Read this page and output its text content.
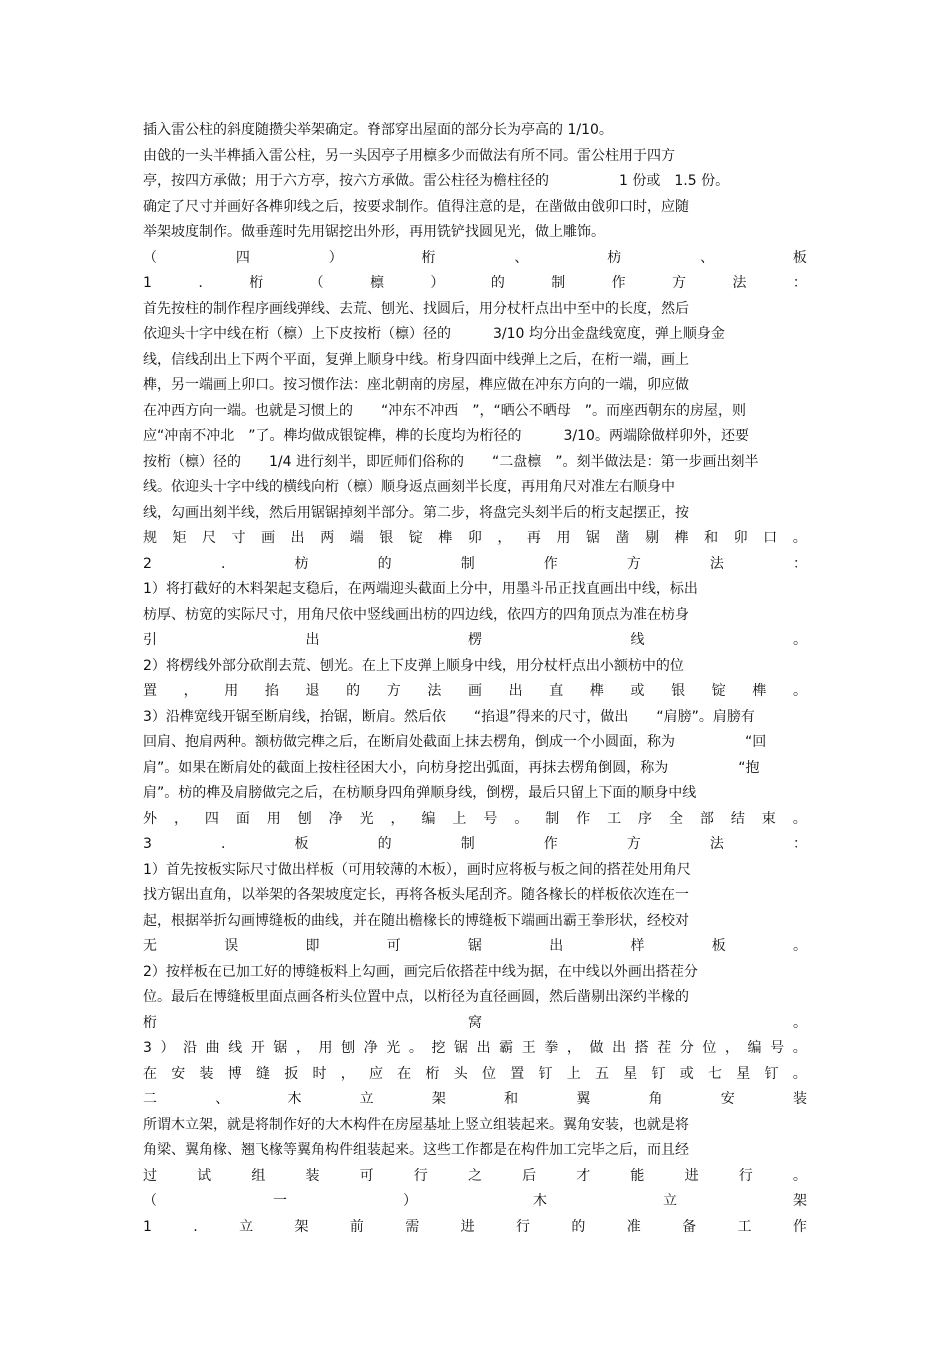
插入雷公柱的斜度随攒尖举架确定。脊部穿出屋面的部分长为亭高的 1/10。
由戗的一头半榫插入雷公柱，另一头因亭子用檩多少而做法有所不同。雷公柱用于四方
亭，按四方承做；用于六方亭，按六方承做。雷公柱径为檐柱径的　　　　　1 份或　1.5 份。
确定了尺寸并画好各榫卯线之后，按要求制作。值得注意的是，在凿做由戗卯口时，应随
举架坡度制作。做垂莲时先用锯挖出外形，再用铣铲找圆见光，做上雕饰。
（	四	）	桁	、	枋	、	板
1	.	桁	（	檩	）	的	制	作	方	法	：
首先按柱的制作程序画线弹线、去荒、刨光、找圆后，用分杖杆点出中至中的长度，然后
依迎头十字中线在桁（檩）上下皮按桁（檩）径的　　　3/10 均分出金盘线宽度，弹上顺身金
线，信线刮出上下两个平面，复弹上顺身中线。桁身四面中线弹上之后，在桁一端，画上
榫，另一端画上卯口。按习惯作法：座北朝南的房屋，榫应做在冲东方向的一端，卯应做
在冲西方向一端。也就是习惯上的　　“冲东不冲西　”，“晒公不晒母　”。而座西朝东的房屋，则
应“冲南不冲北　”了。榫均做成银锭榫，榫的长度均为桁径的　　　3/10。两端除做样卯外，还要
按桁（檩）径的　　1/4 进行刻半，即匠师们俗称的　　“二盘檩　”。刻半做法是：第一步画出刻半
线。依迎头十字中线的横线向桁（檩）顺身返点画刻半长度，再用角尺对准左右顺身中
线，勾画出刻半线，然后用锯锯掉刻半部分。第二步，将盘完头刻半后的桁支起摆正，按
规 矩 尺 寸 画 出 两 端 银 锭 榫 卯 ， 再 用 锯 凿 剔 榫 和 卯 口 。
2	.	枋	的	制	作	方	法	：
1）将打截好的木料架起支稳后，在两端迎头截面上分中，用墨斗吊正找直画出中线，标出
枋厚、枋宽的实际尺寸，用角尺依中竖线画出枋的四边线，依四方的四角顶点为准在枋身
引	出	楞	线	。
2）将楞线外部分砍削去荒、刨光。在上下皮弹上顺身中线，用分杖杆点出小额枋中的位
置 ， 用 掐 退 的 方 法 画 出 直 榫 或 银 锭 榫 。
3）沿榫宽线开锯至断肩线，抬锯，断肩。然后依　　“掐退”得来的尺寸，做出　　“肩膀”。肩膀有
回肩、抱肩两种。额枋做完榫之后，在断肩处截面上抹去楞角，倒成一个小圆面，称为　　　　　“回
肩”。如果在断肩处的截面上按柱径困大小，向枋身挖出弧面，再抹去楞角倒圆，称为　　　　　“抱
肩”。枋的榫及肩膀做完之后，在枋顺身四角弹顺身线，倒楞，最后只留上下面的顺身中线
外 ， 四 面 用 刨 净 光 ， 编 上 号 。 制 作 工 序 全 部 结 束 。
3	.	板	的	制	作	方	法	：
1）首先按板实际尺寸做出样板（可用较薄的木板），画时应将板与板之间的搭茬处用角尺
找方锯出直角，以举架的各架坡度定长，再将各板头尾刮齐。随各椽长的样板依次连在一
起，根据举折勾画博缝板的曲线，并在随出檐椽长的博缝板下端画出霸王拳形状，经校对
无	误	即	可	锯	出	样	板	。
2）按样板在已加工好的博缝板料上勾画，画完后依搭茬中线为据，在中线以外画出搭茬分
位。最后在博缝板里面点画各桁头位置中点，以桁径为直径画圆，然后凿剔出深约半椽的
桁	窝	。
3 ） 沿 曲 线 开 锯 ， 用 刨 净 光 。 挖 锯 出 霸 王 拳 ， 做 出 搭 茬 分 位 ， 编 号 。
在 安 装 博 缝 扳 时 ， 应 在 桁 头 位 置 钉 上 五 星 钉 或 七 星 钉 。
二	、	木	立	架	和	翼	角	安	装
所谓木立架，就是将制作好的大木构件在房屋基址上竖立组装起来。翼角安装，也就是将
角梁、翼角椽、翘飞椽等翼角构件组装起来。这些工作都是在构件加工完毕之后，而且经
过	试	组	装	可	行	之	后	才	能	进	行	。
（	一	）	木	立	架
1	.	立	架	前	需	进	行	的	准	备	工	作
